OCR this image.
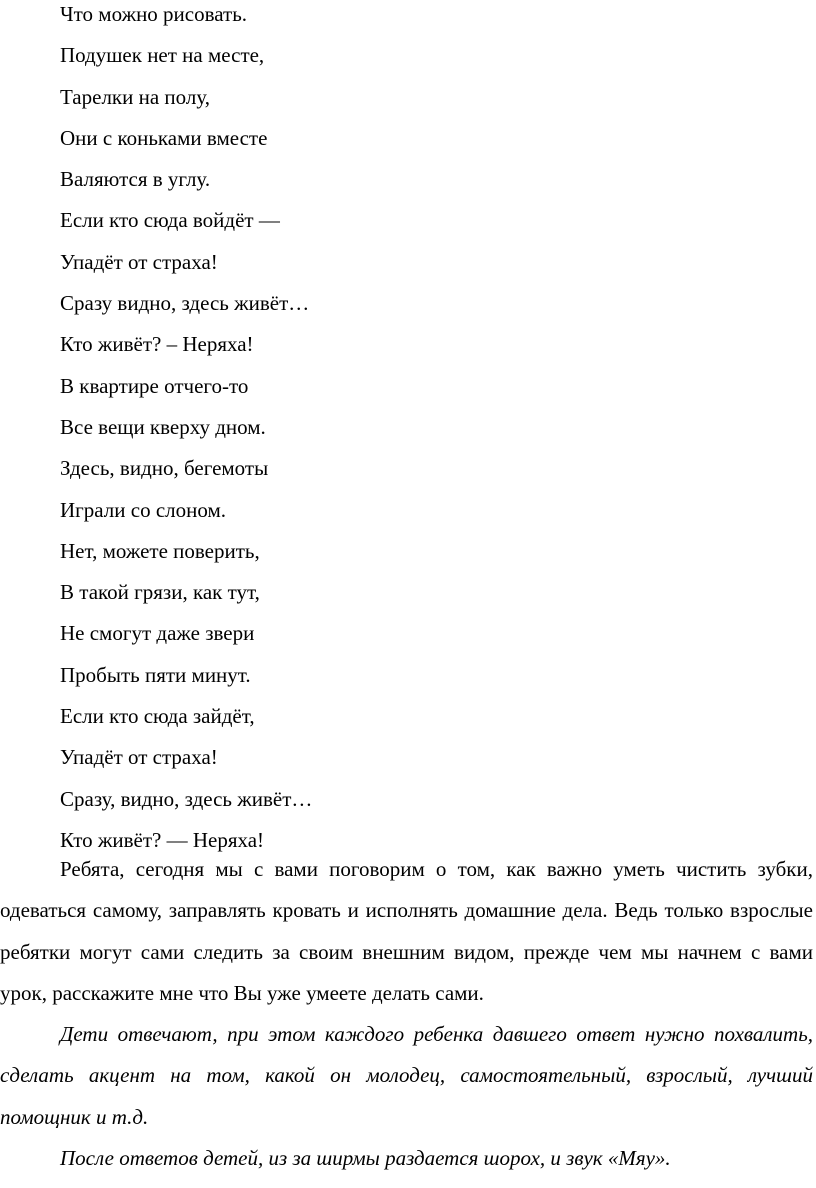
Что можно рисовать.
Подушек нет на месте,
Тарелки на полу,
Они с коньками вместе
Валяются в углу.
Если кто сюда войдёт —
Упадёт от страха!
Сразу видно, здесь живёт…
Кто живёт? – Неряха!
В квартире отчего-то
Все вещи кверху дном.
Здесь, видно, бегемоты
Играли со слоном.
Нет, можете поверить,
В такой грязи, как тут,
Не смогут даже звери
Пробыть пяти минут.
Если кто сюда зайдёт,
Упадёт от страха!
Сразу, видно, здесь живёт…
Кто живёт? — Неряха!

Ребята, сегодня мы с вами поговорим о том, как важно уметь чистить зубки, одеваться самому, заправлять кровать и исполнять домашние дела. Ведь только взрослые ребятки могут сами следить за своим внешним видом, прежде чем мы начнем с вами урок, расскажите мне что Вы уже умеете делать сами.

Дети отвечают, при этом каждого ребенка давшего ответ нужно похвалить, сделать акцент на том, какой он молодец, самостоятельный, взрослый, лучший помощник и т.д.

После ответов детей, из за ширмы раздается шорох, и звук «Мяу».
